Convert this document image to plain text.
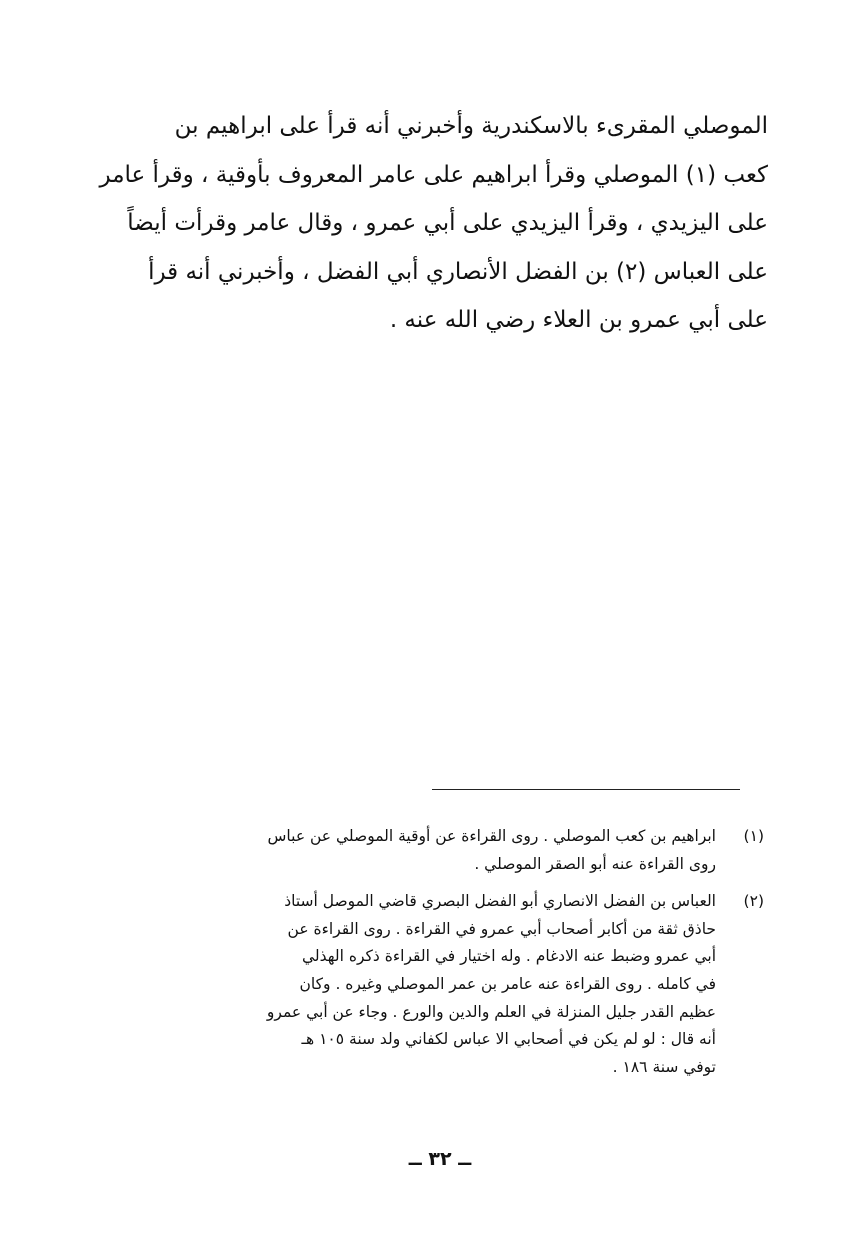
الموصلي المقرىء بالاسكندرية وأخبرني أنه قرأ على ابراهيم بن
كعب (١) الموصلي وقرأ ابراهيم على عامر المعروف بأوقية ، وقرأ عامر
على اليزيدي ، وقرأ اليزيدي على أبي عمرو ، وقال عامر وقرأت أيضاً
على العباس (٢) بن الفضل الأنصاري أبي الفضل ، وأخبرني أنه قرأ
على أبي عمرو بن العلاء رضي الله عنه .
(١)
ابراهيم بن كعب الموصلي . روى القراءة عن أوقية الموصلي عن عباس
روى القراءة عنه أبو الصقر الموصلي .
(٢)
العباس بن الفضل الانصاري أبو الفضل البصري قاضي الموصل أستاذ
حاذق ثقة من أكابر أصحاب أبي عمرو في القراءة . روى القراءة عن
أبي عمرو وضبط عنه الادغام . وله اختيار في القراءة ذكره الهذلي
في كامله . روى القراءة عنه عامر بن عمر الموصلي وغيره . وكان
عظيم القدر جليل المنزلة في العلم والدين والورع . وجاء عن أبي عمرو
أنه قال : لو لم يكن في أصحابي الا عباس لكفاني ولد سنة ١٠٥ هـ
توفي سنة ١٨٦ .
ــ ٣٢ ــ
